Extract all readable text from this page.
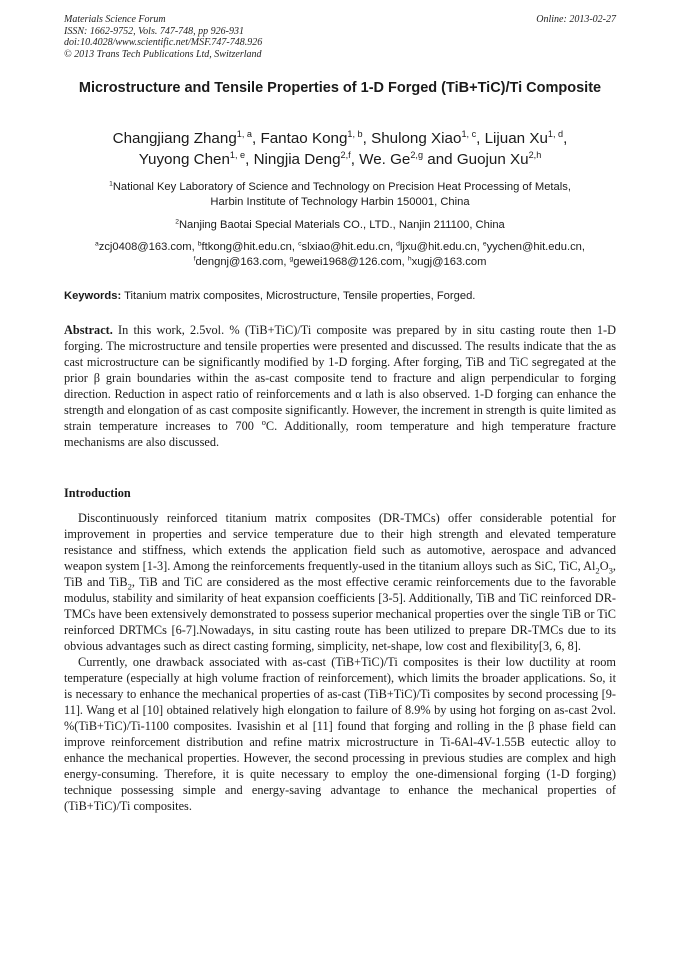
Materials Science Forum
ISSN: 1662-9752, Vols. 747-748, pp 926-931
doi:10.4028/www.scientific.net/MSF.747-748.926
© 2013 Trans Tech Publications Ltd, Switzerland
Online: 2013-02-27
Microstructure and Tensile Properties of 1-D Forged (TiB+TiC)/Ti Composite
Changjiang Zhang$^{1, a}$, Fantao Kong$^{1, b}$, Shulong Xiao$^{1, c}$, Lijuan Xu$^{1, d}$,
Yuyong Chen$^{1, e}$, Ningjia Deng$^{2,f}$, We. Ge$^{2,g}$ and Guojun Xu$^{2,h}$
$^1$National Key Laboratory of Science and Technology on Precision Heat Processing of Metals,
Harbin Institute of Technology Harbin 150001, China
$^2$Nanjing Baotai Special Materials CO., LTD., Nanjin 211100, China
$^a$zcj0408@163.com, $^b$ftkong@hit.edu.cn, $^c$slxiao@hit.edu.cn, $^d$ljxu@hit.edu.cn, $^e$yychen@hit.edu.cn,
$^f$dengnj@163.com, $^g$gewei1968@126.com, $^h$xugj@163.com
Keywords: Titanium matrix composites, Microstructure, Tensile properties, Forged.
Abstract. In this work, 2.5vol. % (TiB+TiC)/Ti composite was prepared by in situ casting route then 1-D forging. The microstructure and tensile properties were presented and discussed. The results indicate that the as cast microstructure can be significantly modified by 1-D forging. After forging, TiB and TiC segregated at the prior β grain boundaries within the as-cast composite tend to fracture and align perpendicular to forging direction. Reduction in aspect ratio of reinforcements and α lath is also observed. 1-D forging can enhance the strength and elongation of as cast composite significantly. However, the increment in strength is quite limited as strain temperature increases to 700 $^o$C. Additionally, room temperature and high temperature fracture mechanisms are also discussed.
Introduction

Discontinuously reinforced titanium matrix composites (DR-TMCs) offer considerable potential for improvement in properties and service temperature due to their high strength and elevated temperature resistance and stiffness, which extends the application field such as automotive, aerospace and advanced weapon system [1-3]. Among the reinforcements frequently-used in the titanium alloys such as SiC, TiC, $Al_2O_3$, TiB and TiB$_2$, TiB and TiC are considered as the most effective ceramic reinforcements due to the favorable modulus, stability and similarity of heat expansion coefficients [3-5]. Additionally, TiB and TiC reinforced DR-TMCs have been extensively demonstrated to possess superior mechanical properties over the single TiB or TiC reinforced DRTMCs [6-7].Nowadays, in situ casting route has been utilized to prepare DR-TMCs due to its obvious advantages such as direct casting forming, simplicity, net-shape, low cost and flexibility[3, 6, 8].

Currently, one drawback associated with as-cast (TiB+TiC)/Ti composites is their low ductility at room temperature (especially at high volume fraction of reinforcement), which limits the broader applications. So, it is necessary to enhance the mechanical properties of as-cast (TiB+TiC)/Ti composites by second processing [9-11]. Wang et al [10] obtained relatively high elongation to failure of 8.9% by using hot forging on as-cast 2vol. %(TiB+TiC)/Ti-1100 composites. Ivasishin et al [11] found that forging and rolling in the β phase field can improve reinforcement distribution and refine matrix microstructure in Ti-6Al-4V-1.55B eutectic alloy to enhance the mechanical properties. However, the second processing in previous studies are complex and high energy-consuming. Therefore, it is quite necessary to employ the one-dimensional forging (1-D forging) technique possessing simple and energy-saving advantage to enhance the mechanical properties of (TiB+TiC)/Ti composites.
